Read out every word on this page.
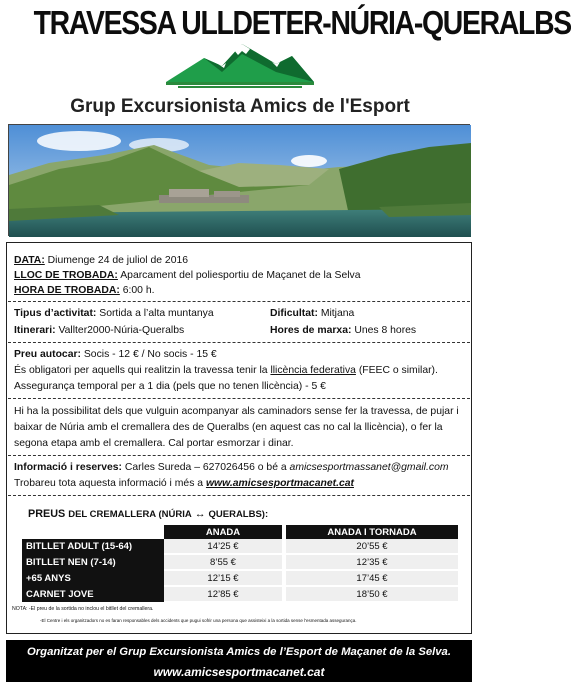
TRAVESSA ULLDETER-NÚRIA-QUERALBS
Grup Excursionista Amics de l'Esport
DATA: Diumenge 24 de juliol de 2016
LLOC DE TROBADA: Aparcament del poliesportiu de Maçanet de la Selva
HORA DE TROBADA: 6:00 h.
Tipus d’activitat: Sortida a l’alta muntanya	Dificultat: Mitjana
Itinerari: Vallter2000-Núria-Queralbs	Hores de marxa: Unes 8 hores
Preu autocar: Socis - 12 € / No socis - 15 €
És obligatori per aquells qui realitzin la travessa tenir la llicència federativa (FEEC o similar).
Assegurança temporal per a 1 dia (pels que no tenen llicència) - 5 €
Hi ha la possibilitat dels que vulguin acompanyar als caminadors sense fer la travessa, de pujar i
baixar de Núria amb el cremallera des de Queralbs (en aquest cas no cal la llicència), o fer la
segona etapa amb el cremallera. Cal portar esmorzar i dinar.
Informació i reserves: Carles Sureda – 627026456 o bé a amicsesportmassanet@gmail.com
Trobareu tota aquesta informació i més a www.amicsesportmacanet.cat
PREUS DEL CREMALLERA (NÚRIA ↔ QUERALBS):
	ANADA		ANADA I TORNADA
BITLLET ADULT (15-64)	14’25 €		20’55 €
BITLLET NEN (7-14)	8’55 €		12’35 €
+65 ANYS	12’15 €		17’45 €
CARNET JOVE	12’85 €		18’50 €
NOTA: -El preu de la sortida no inclou el bitllet del cremallera.
-El Centre i els organitzadors no es faran responsables dels accidents que pugui sofrir una persona que assisteixi a la sortida sense l'esmentada assegurança.
Organitzat per el Grup Excursionista Amics de l’Esport de Maçanet de la Selva.
www.amicsesportmacanet.cat
